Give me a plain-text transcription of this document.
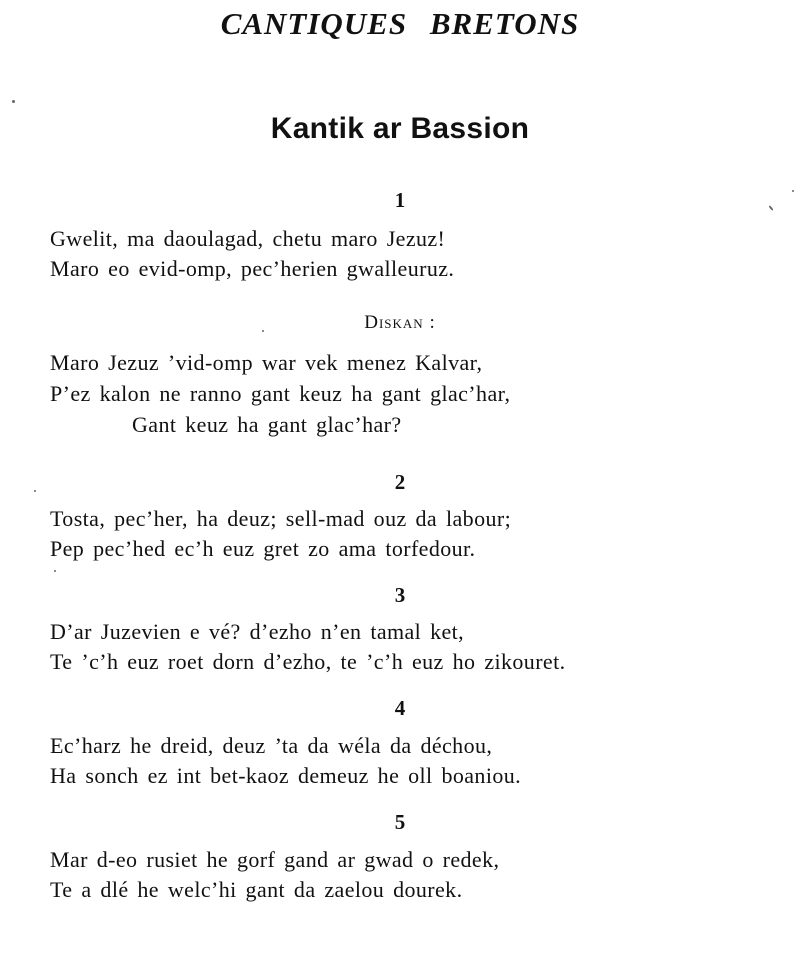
CANTIQUES BRETONS
Kantik ar Bassion
1
Gwelit, ma daoulagad, chetu maro Jezuz!
Maro eo evid-omp, pec’herien gwalleuruz.
Diskan :
Maro Jezuz ’vid-omp war vek menez Kalvar,
P’ez kalon ne ranno gant keuz ha gant glac’har,
Gant keuz ha gant glac’har?
2
Tosta, pec’her, ha deuz; sell-mad ouz da labour;
Pep pec’hed ec’h euz gret zo ama torfedour.
3
D’ar Juzevien e vé? d’ezho n’en tamal ket,
Te ’c’h euz roet dorn d’ezho, te ’c’h euz ho zikouret.
4
Ec’harz he dreid, deuz ’ta da wéla da déchou,
Ha sonch ez int bet-kaoz demeuz he oll boaniou.
5
Mar d-eo rusiet he gorf gand ar gwad o redek,
Te a dlé he welc’hi gant da zaelou dourek.
